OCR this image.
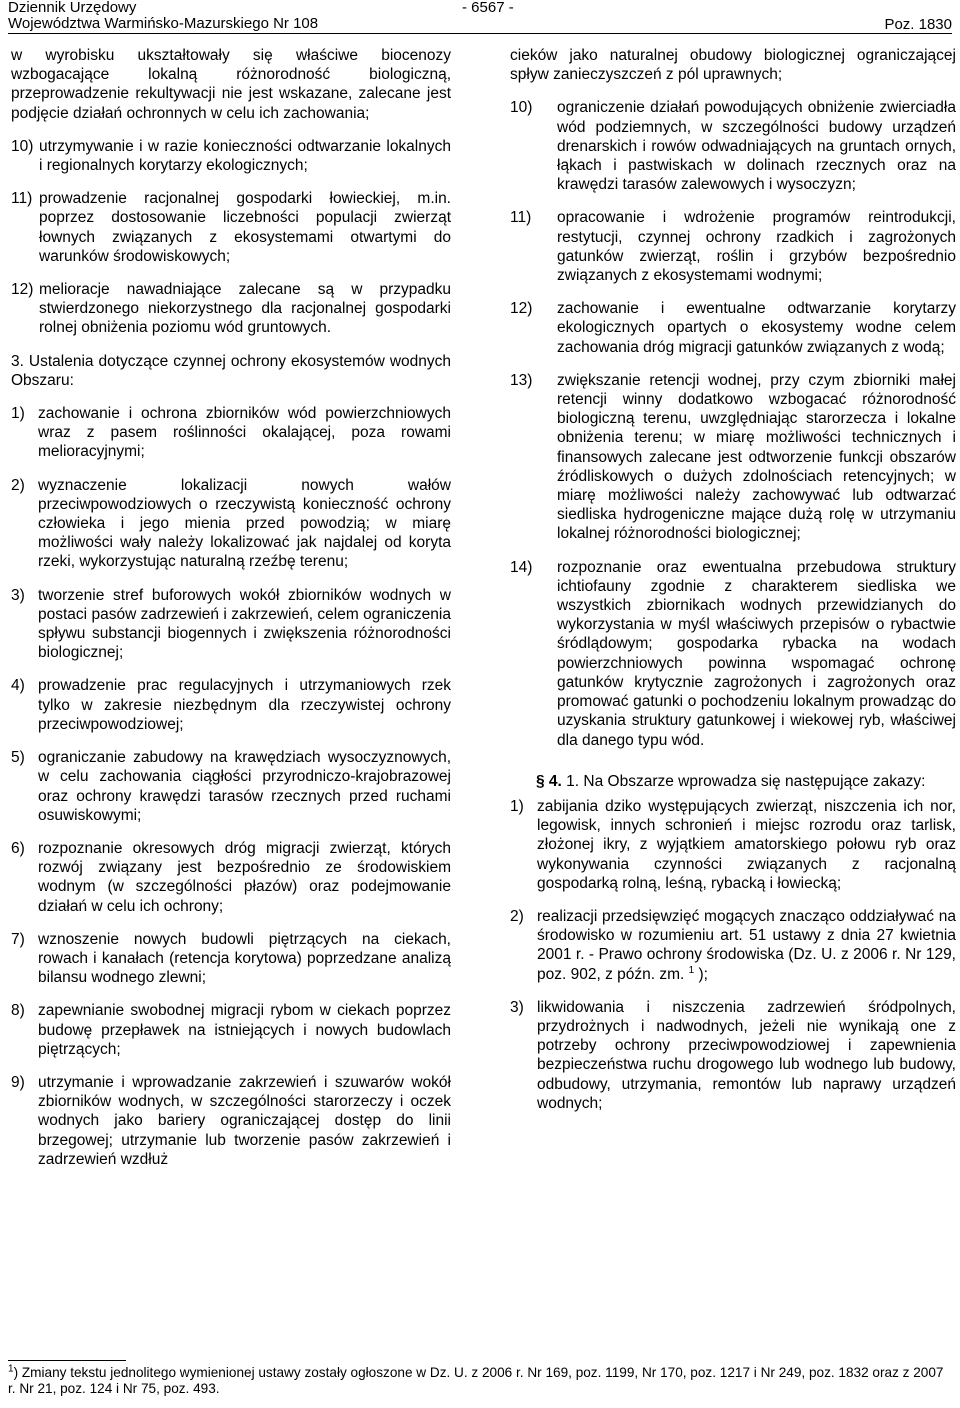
Dziennik Urzędowy
Województwa Warmińsko-Mazurskiego Nr 108
- 6567 -
Poz. 1830

w wyrobisku ukształtowały się właściwe biocenozy wzbogacające lokalną różnorodność biologiczną, przeprowadzenie rekultywacji nie jest wskazane, zalecane jest podjęcie działań ochronnych w celu ich zachowania;

10) utrzymywanie i w razie konieczności odtwarzanie lokalnych i regionalnych korytarzy ekologicznych;
11) prowadzenie racjonalnej gospodarki łowieckiej, m.in. poprzez dostosowanie liczebności populacji zwierząt łownych związanych z ekosystemami otwartymi do warunków środowiskowych;
12) melioracje nawadniające zalecane są w przypadku stwierdzonego niekorzystnego dla racjonalnej gospodarki rolnej obniżenia poziomu wód gruntowych.

3. Ustalenia dotyczące czynnej ochrony ekosystemów wodnych Obszaru:

1) zachowanie i ochrona zbiorników wód powierzchniowych wraz z pasem roślinności okalającej, poza rowami melioracyjnymi;
2) wyznaczenie lokalizacji nowych wałów przeciwpowodziowych o rzeczywistą konieczność ochrony człowieka i jego mienia przed powodzią; w miarę możliwości wały należy lokalizować jak najdalej od koryta rzeki, wykorzystując naturalną rzeźbę terenu;
3) tworzenie stref buforowych wokół zbiorników wodnych w postaci pasów zadrzewień i zakrzewień, celem ograniczenia spływu substancji biogennych i zwiększenia różnorodności biologicznej;
4) prowadzenie prac regulacyjnych i utrzymaniowych rzek tylko w zakresie niezbędnym dla rzeczywistej ochrony przeciwpowodziowej;
5) ograniczanie zabudowy na krawędziach wysoczyznowych, w celu zachowania ciągłości przyrodniczo-krajobrazowej oraz ochrony krawędzi tarasów rzecznych przed ruchami osuwiskowymi;
6) rozpoznanie okresowych dróg migracji zwierząt, których rozwój związany jest bezpośrednio ze środowiskiem wodnym (w szczególności płazów) oraz podejmowanie działań w celu ich ochrony;
7) wznoszenie nowych budowli piętrzących na ciekach, rowach i kanałach (retencja korytowa) poprzedzane analizą bilansu wodnego zlewni;
8) zapewnianie swobodnej migracji rybom w ciekach poprzez budowę przepławek na istniejących i nowych budowlach piętrzących;
9) utrzymanie i wprowadzanie zakrzewień i szuwarów wokół zbiorników wodnych, w szczególności starorzeczy i oczek wodnych jako bariery ograniczającej dostęp do linii brzegowej; utrzymanie lub tworzenie pasów zakrzewień i zadrzewień wzdłuż

cieków jako naturalnej obudowy biologicznej ograniczającej spływ zanieczyszczeń z pól uprawnych;

10)	ograniczenie działań powodujących obniżenie zwierciadła wód podziemnych, w szczególności budowy urządzeń drenarskich i rowów odwadniających na gruntach ornych, łąkach i pastwiskach w dolinach rzecznych oraz na krawędzi tarasów zalewowych i wysoczyzn;
11)	opracowanie i wdrożenie programów reintrodukcji, restytucji, czynnej ochrony rzadkich i zagrożonych gatunków zwierząt, roślin i grzybów bezpośrednio związanych z ekosystemami wodnymi;
12)	zachowanie i ewentualne odtwarzanie korytarzy ekologicznych opartych o ekosystemy wodne celem zachowania dróg migracji gatunków związanych z wodą;
13)	zwiększanie retencji wodnej, przy czym zbiorniki małej retencji winny dodatkowo wzbogacać różnorodność biologiczną terenu, uwzględniając starorzecza i lokalne obniżenia terenu; w miarę możliwości technicznych i finansowych zalecane jest odtworzenie funkcji obszarów źródliskowych o dużych zdolnościach retencyjnych; w miarę możliwości należy zachowywać lub odtwarzać siedliska hydrogeniczne mające dużą rolę w utrzymaniu lokalnej różnorodności biologicznej;
14)	rozpoznanie oraz ewentualna przebudowa struktury ichtiofauny zgodnie z charakterem siedliska we wszystkich zbiornikach wodnych przewidzianych do wykorzystania w myśl właściwych przepisów o rybactwie śródlądowym; gospodarka rybacka na wodach powierzchniowych powinna wspomagać ochronę gatunków krytycznie zagrożonych i zagrożonych oraz promować gatunki o pochodzeniu lokalnym prowadząc do uzyskania struktury gatunkowej i wiekowej ryb, właściwej dla danego typu wód.

§ 4. 1. Na Obszarze wprowadza się następujące zakazy:

1) zabijania dziko występujących zwierząt, niszczenia ich nor, legowisk, innych schronień i miejsc rozrodu oraz tarlisk, złożonej ikry, z wyjątkiem amatorskiego połowu ryb oraz wykonywania czynności związanych z racjonalną gospodarką rolną, leśną, rybacką i łowiecką;
2) realizacji przedsięwzięć mogących znacząco oddziaływać na środowisko w rozumieniu art. 51 ustawy z dnia 27 kwietnia 2001 r. - Prawo ochrony środowiska (Dz. U. z 2006 r. Nr 129, poz. 902, z późn. zm. $^1$ );
3) likwidowania i niszczenia zadrzewień śródpolnych, przydrożnych i nadwodnych, jeżeli nie wynikają one z potrzeby ochrony przeciwpowodziowej i zapewnienia bezpieczeństwa ruchu drogowego lub wodnego lub budowy, odbudowy, utrzymania, remontów lub naprawy urządzeń wodnych;
$^1$) Zmiany tekstu jednolitego wymienionej ustawy zostały ogłoszone w Dz. U. z 2006 r. Nr 169, poz. 1199, Nr 170, poz. 1217 i Nr 249, poz. 1832 oraz z 2007 r. Nr 21, poz. 124 i Nr 75, poz. 493.
